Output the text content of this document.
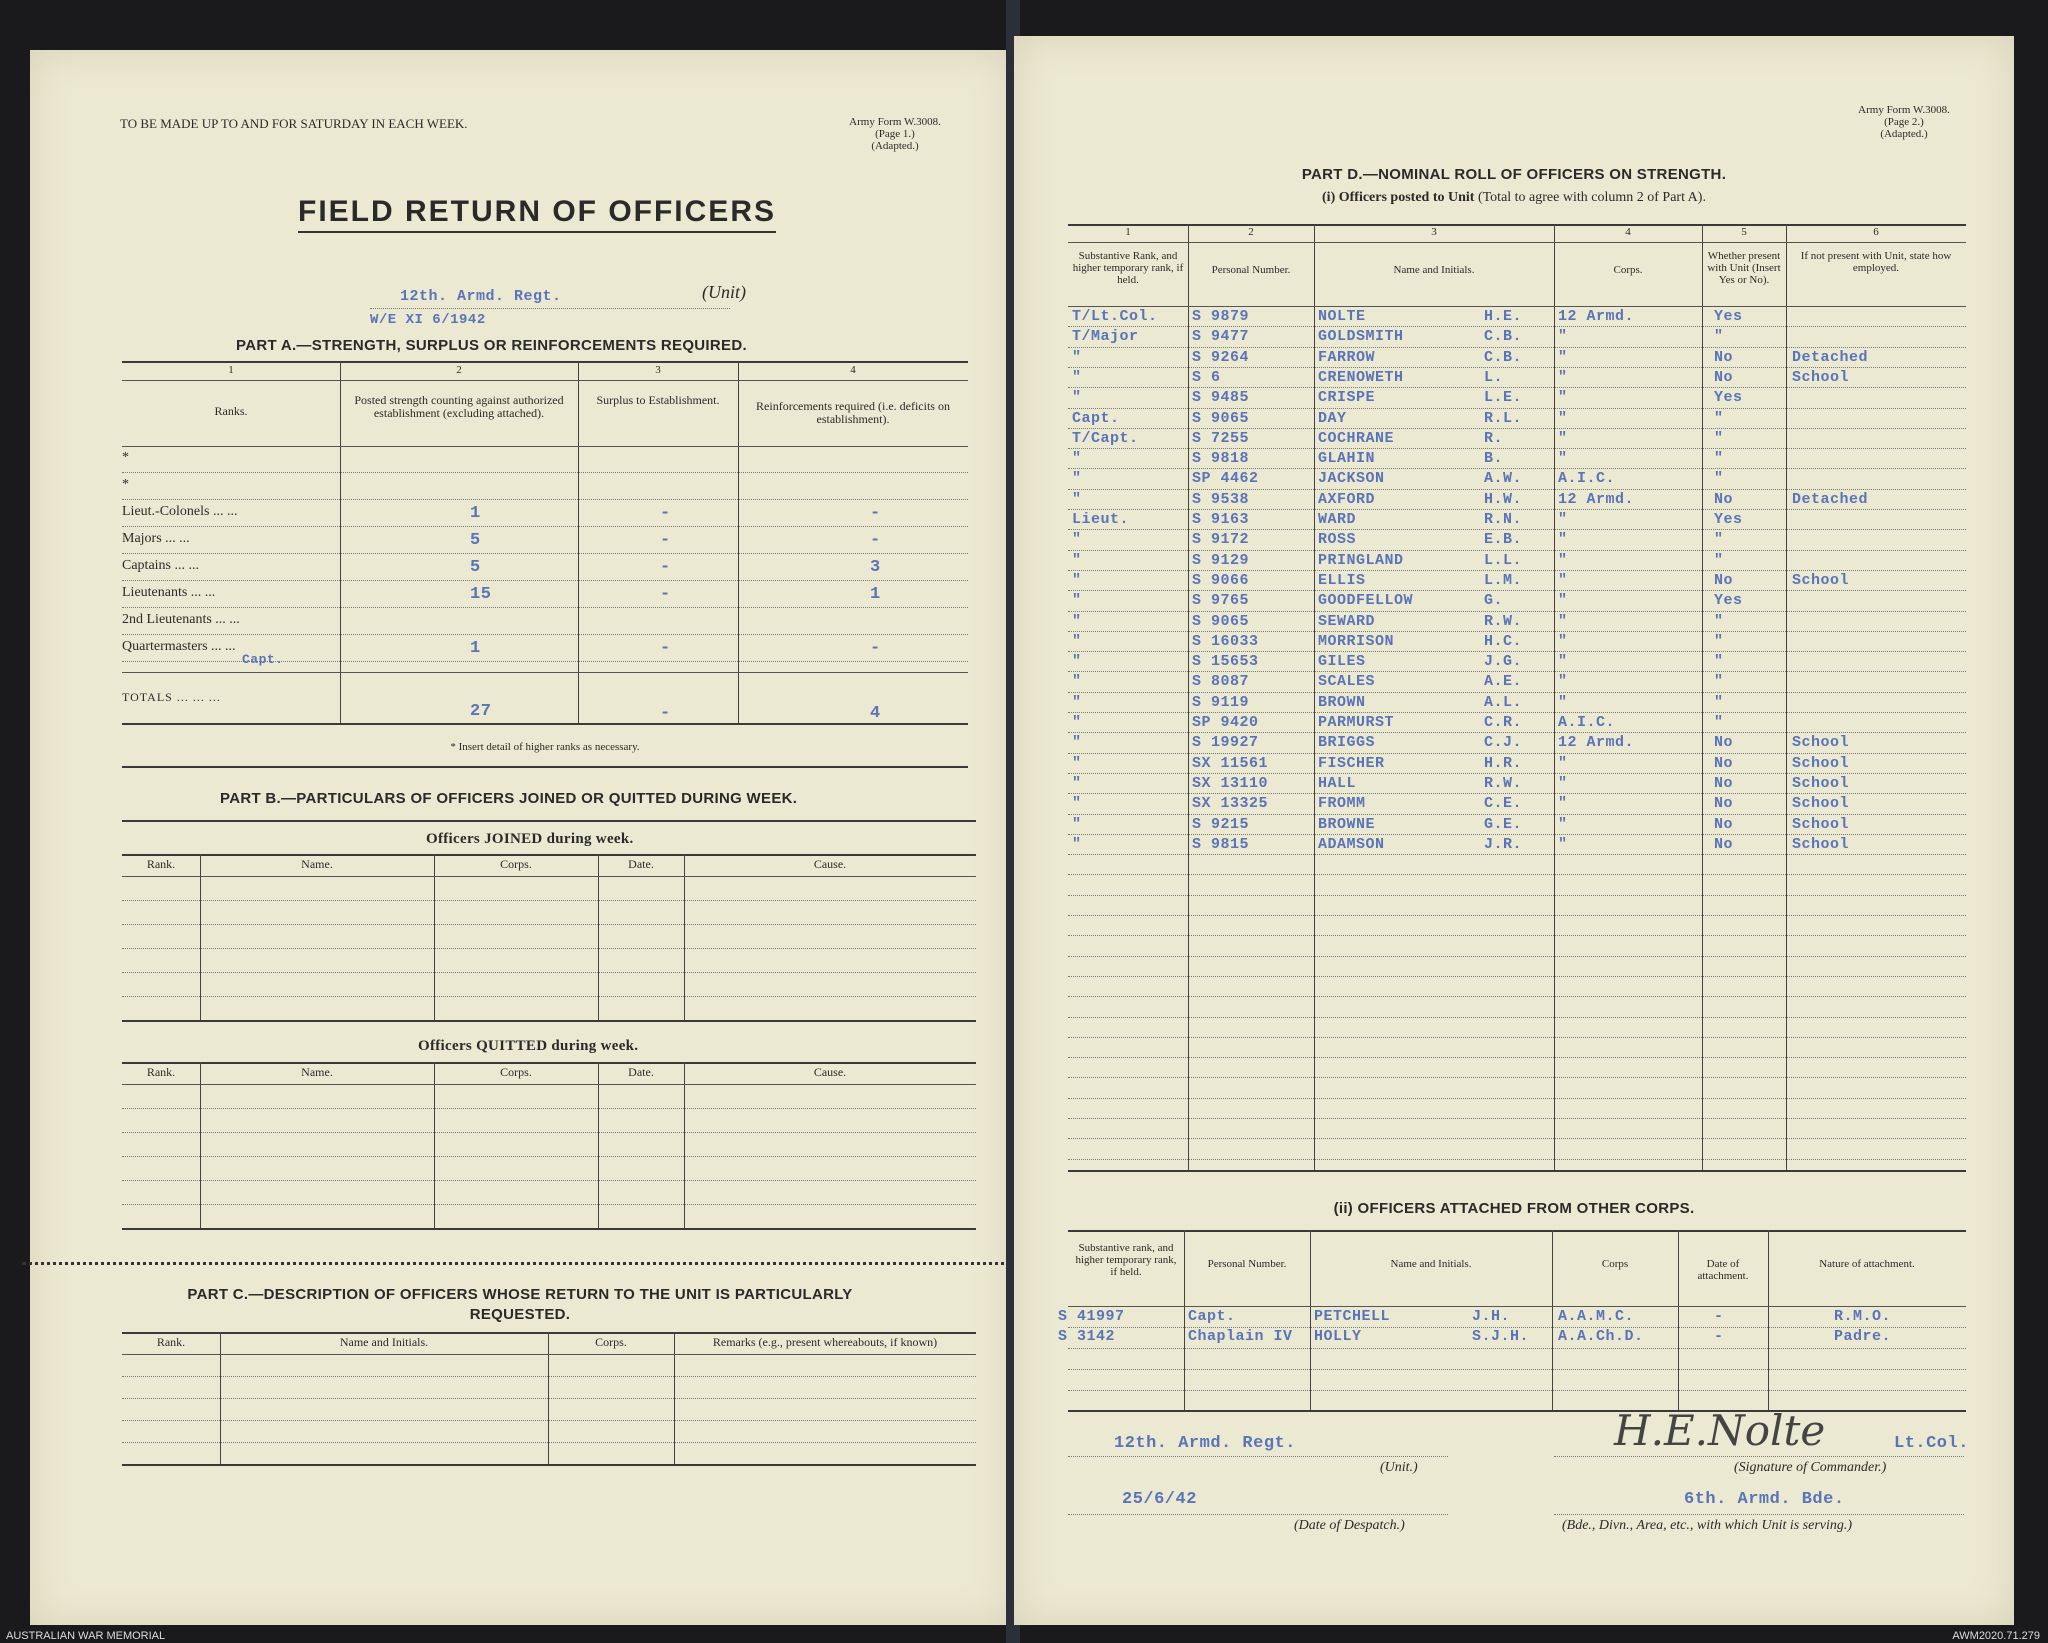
TO BE MADE UP TO AND FOR SATURDAY IN EACH WEEK.	Army Form W.3008.
(Page 1.)
(Adapted.)
FIELD RETURN OF OFFICERS
12th. Armd. Regt.	(Unit)
W/E XI 6/1942
PART A.—STRENGTH, SURPLUS OR REINFORCEMENTS REQUIRED.
1	2	3	4
Ranks.
Posted strength counting against authorized establishment (excluding attached).
Surplus to Establishment.	Reinforcements required (i.e. deficits on establishment).
*
*
Lieut.-Colonels ... ...	1	-	-
Majors ... ...	5	-	-
Captains ... ...	5	-	3
Lieutenants ... ...	15	-	1
2nd Lieutenants ... ...
Quartermasters ... ...	1	-	-
Capt.
TOTALS ... ... ...
27	-	4
* Insert detail of higher ranks as necessary.
PART B.—PARTICULARS OF OFFICERS JOINED OR QUITTED DURING WEEK.
Officers JOINED during week.
Rank.	Name.	Corps.	Date.	Cause.
Officers QUITTED during week.
Rank.	Name.	Corps.	Date.	Cause.
PART C.—DESCRIPTION OF OFFICERS WHOSE RETURN TO THE UNIT IS PARTICULARLY REQUESTED.
Rank.	Name and Initials.	Corps.	Remarks (e.g., present whereabouts, if known)
Army Form W.3008.
(Page 2.)
(Adapted.)
PART D.—NOMINAL ROLL OF OFFICERS ON STRENGTH.
(i) Officers posted to Unit (Total to agree with column 2 of Part A).
1
Substantive Rank, and higher temporary rank, if held.
2
Personal Number.
3
Name and Initials.
4
Corps.
5
Whether present with Unit (Insert Yes or No).
6
If not present with Unit, state how employed.
T/Lt.Col. S 9879	NOLTE	H.E. 12 Armd.	Yes
T/Major	S 9477	GOLDSMITH	C.B. "	"
"	S 9264	FARROW	C.B. "	No	Detached
"	S 6	CRENOWETH	L.	"	No	School
"	S 9485	CRISPE	L.E. "	Yes
Capt.	S 9065	DAY	R.L. "	"
T/Capt.	S 7255	COCHRANE	R.	"	"
"	S 9818	GLAHIN	B.	"	"
"	SP 4462	JACKSON	A.W. A.I.C.	"
"	S 9538	AXFORD	H.W. 12 Armd.	No	Detached
Lieut.	S 9163	WARD	R.N. "	Yes
"	S 9172	ROSS	E.B. "	"
"	S 9129	PRINGLAND	L.L. "	"
"	S 9066	ELLIS	L.M. "	No	School
"	S 9765	GOODFELLOW	G.	"	Yes
"	S 9065	SEWARD	R.W. "	"
"	S 16033	MORRISON	H.C. "	"
"	S 15653	GILES	J.G. "	"
"	S 8087	SCALES	A.E. "	"
"	S 9119	BROWN	A.L. "	"
"	SP 9420	PARMURST	C.R. A.I.C.	"
"	S 19927	BRIGGS	C.J. 12 Armd.	No	School
"	SX 11561	FISCHER	H.R. "	No	School
"	SX 13110	HALL	R.W. "	No	School
"	SX 13325	FROMM	C.E. "	No	School
"	S 9215	BROWNE	G.E. "	No	School
"	S 9815	ADAMSON	J.R. "	No	School
(ii) OFFICERS ATTACHED FROM OTHER CORPS.
Substantive rank, and higher temporary rank, if held.
Personal Number.	Name and Initials.	Corps	Date of attachment.
Nature of attachment.
S 41997	Capt.	PETCHELL	J.H.	A.A.M.C.	-	R.M.O.
S 3142	Chaplain IV HOLLY	S.J.H. A.A.Ch.D.	-	Padre.
12th. Armd. Regt.
(Unit.)
H.E.Nolte	Lt.Col.
(Signature of Commander.)
25/6/42
(Date of Despatch.)
6th. Armd. Bde.
(Bde., Divn., Area, etc., with which Unit is serving.)
AUSTRALIAN WAR MEMORIAL	AWM2020.71.279
